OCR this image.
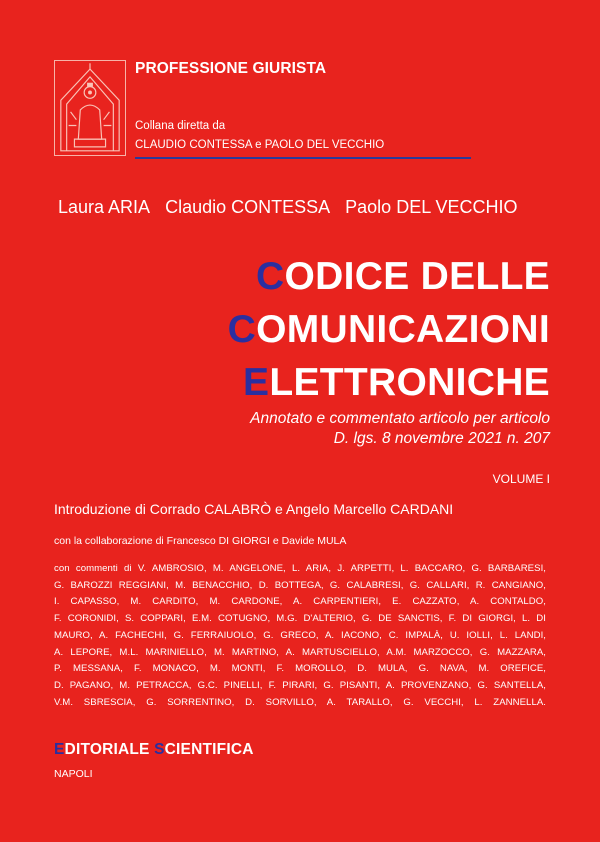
PROFESSIONE GIURISTA
Collana diretta da
CLAUDIO CONTESSA e PAOLO DEL VECCHIO
Laura ARIA Claudio CONTESSA Paolo DEL VECCHIO
CODICE DELLE
COMUNICAZIONI
ELETTRONICHE
Annotato e commentato articolo per articolo
D. lgs. 8 novembre 2021 n. 207
VOLUME I
Introduzione di Corrado CALABRÒ e Angelo Marcello CARDANI
con la collaborazione di Francesco DI GIORGI e Davide MULA
con commenti di V. AMBROSIO, M. ANGELONE, L. ARIA, J. ARPETTI, L. BACCARO, G. BARBARESI,
G. BAROZZI REGGIANI, M. BENACCHIO, D. BOTTEGA, G. CALABRESI, G. CALLARI, R. CANGIANO,
I. CAPASSO, M. CARDITO, M. CARDONE, A. CARPENTIERI, E. CAZZATO, A. CONTALDO,
F. CORONIDI, S. COPPARI, E.M. COTUGNO, M.G. D'ALTERIO, G. DE SANCTIS, F. DI GIORGI, L. DI
MAURO, A. FACHECHI, G. FERRAIUOLO, G. GRECO, A. IACONO, C. IMPALÀ, U. IOLLI, L. LANDI,
A. LEPORE, M.L. MARINIELLO, M. MARTINO, A. MARTUSCIELLO, A.M. MARZOCCO, G. MAZZARA,
P. MESSANA, F. MONACO, M. MONTI, F. MOROLLO, D. MULA, G. NAVA, M. OREFICE,
D. PAGANO, M. PETRACCA, G.C. PINELLI, F. PIRARI, G. PISANTI, A. PROVENZANO, G. SANTELLA,
V.M. SBRESCIA, G. SORRENTINO, D. SORVILLO, A. TARALLO, G. VECCHI, L. ZANNELLA.
EDITORIALE SCIENTIFICA
NAPOLI
